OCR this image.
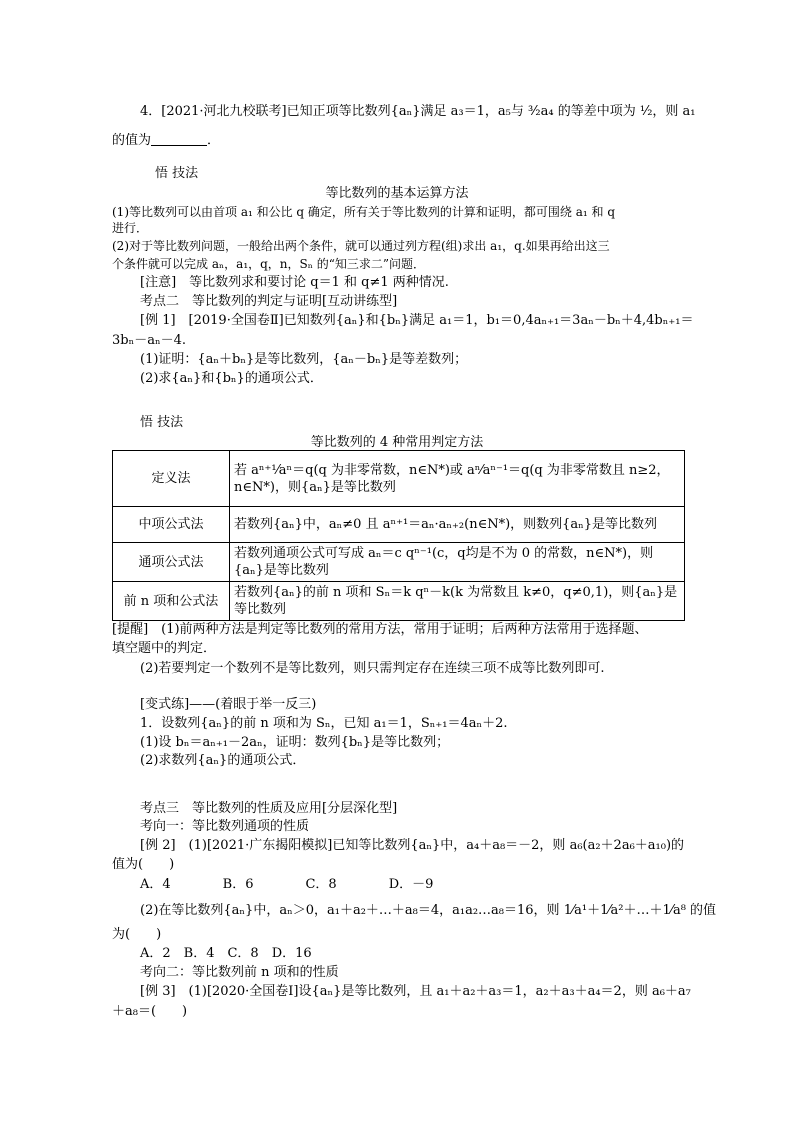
4．[2021·河北九校联考]已知正项等比数列{aₙ}满足 a₃＝1，a₅与 ³⁄₂a₄ 的等差中项为 ¹⁄₂，则 a₁
的值为	．
悟 技法
等比数列的基本运算方法
(1)等比数列可以由首项 a₁ 和公比 q 确定，所有关于等比数列的计算和证明，都可围绕 a₁ 和 q
进行．
(2)对于等比数列问题，一般给出两个条件，就可以通过列方程(组)求出 a₁，q.如果再给出这三
个条件就可以完成 aₙ，a₁，q，n，Sₙ 的“知三求二”问题．
[注意]　等比数列求和要讨论 q＝1 和 q≠1 两种情况.
考点二　等比数列的判定与证明[互动讲练型]
[例 1]　[2019·全国卷Ⅱ]已知数列{aₙ}和{bₙ}满足 a₁＝1，b₁＝0,4aₙ₊₁＝3aₙ－bₙ＋4,4bₙ₊₁＝
3bₙ－aₙ－4.
(1)证明：{aₙ＋bₙ}是等比数列，{aₙ－bₙ}是等差数列；
(2)求{aₙ}和{bₙ}的通项公式．
悟 技法
等比数列的 4 种常用判定方法
定义法	若 aⁿ⁺¹⁄aⁿ＝q(q 为非零常数，n∈N*)或 aⁿ⁄aⁿ⁻¹＝q(q 为非零常数且 n≥2，n∈N*)，则{aₙ}是等比数列
中项公式法	若数列{aₙ}中，aₙ≠0 且 aⁿ⁺¹＝aₙ·aₙ₊₂(n∈N*)，则数列{aₙ}是等比数列
通项公式法	若数列通项公式可写成 aₙ＝c qⁿ⁻¹(c，q均是不为 0 的常数，n∈N*)，则{aₙ}是等比数列
前 n 项和公式法	若数列{aₙ}的前 n 项和 Sₙ＝k qⁿ－k(k 为常数且 k≠0，q≠0,1)，则{aₙ}是等比数列
[提醒]　(1)前两种方法是判定等比数列的常用方法，常用于证明；后两种方法常用于选择题、
填空题中的判定．
(2)若要判定一个数列不是等比数列，则只需判定存在连续三项不成等比数列即可.
[变式练]——(着眼于举一反三)
1．设数列{aₙ}的前 n 项和为 Sₙ，已知 a₁＝1，Sₙ₊₁＝4aₙ＋2.
(1)设 bₙ＝aₙ₊₁－2aₙ，证明：数列{bₙ}是等比数列；
(2)求数列{aₙ}的通项公式．
考点三　等比数列的性质及应用[分层深化型]
考向一：等比数列通项的性质
[例 2]　(1)[2021·广东揭阳模拟]已知等比数列{aₙ}中，a₄＋a₈＝－2，则 a₆(a₂＋2a₆＋a₁₀)的
值为(　　)
A．4　　　　B．6　　　　C．8　　　　D．－9
(2)在等比数列{aₙ}中，aₙ＞0，a₁＋a₂＋…＋a₈＝4，a₁a₂…a₈＝16，则 1⁄a¹＋1⁄a²＋…＋1⁄a⁸ 的值
为(　　)
A．2　B．4　C．8　D．16
考向二：等比数列前 n 项和的性质
[例 3]　(1)[2020·全国卷Ⅰ]设{aₙ}是等比数列，且 a₁＋a₂＋a₃＝1，a₂＋a₃＋a₄＝2，则 a₆＋a₇
＋a₈＝(　　)
